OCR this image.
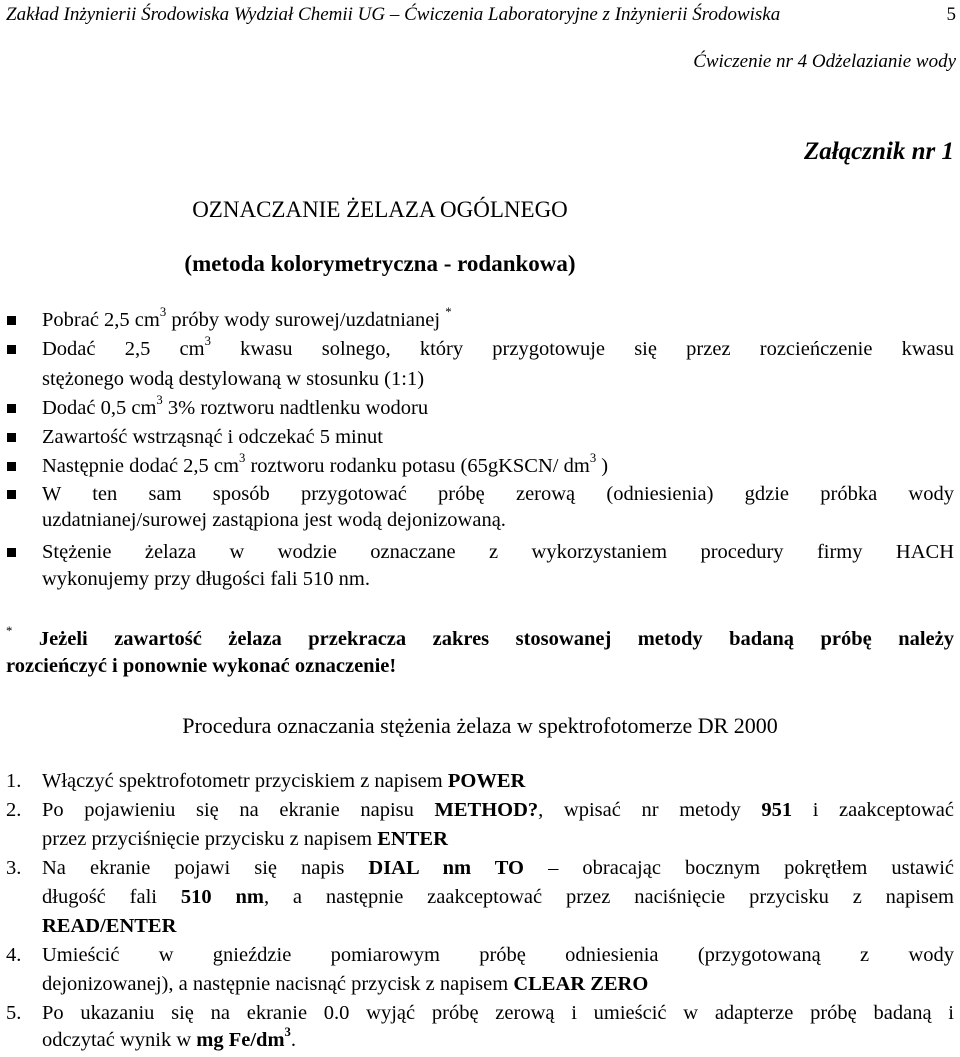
Zakład Inżynierii Środowiska Wydział Chemii UG – Ćwiczenia Laboratoryjne z Inżynierii Środowiska	5
Ćwiczenie nr 4 Odżelazianie wody
Załącznik nr 1
OZNACZANIE ŻELAZA OGÓLNEGO
(metoda kolorymetryczna - rodankowa)
Pobrać 2,5 $cm^3$ próby wody surowej/uzdatnianej *
Dodać 2,5 $cm^3$ kwasu solnego, który przygotowuje się przez rozcieńczenie kwasu
stężonego wodą destylowaną w stosunku (1:1)
Dodać 0,5 $cm^3$ 3% roztworu nadtlenku wodoru
Zawartość wstrząsnąć i odczekać 5 minut
Następnie dodać 2,5 $cm^3$ roztworu rodanku potasu (65gKSCN/ $dm^3$ )
W ten sam sposób przygotować próbę zerową (odniesienia) gdzie próbka wody
uzdatnianej/surowej zastąpiona jest wodą dejonizowaną.
Stężenie żelaza w wodzie oznaczane z wykorzystaniem procedury firmy HACH
wykonujemy przy długości fali 510 nm.
* Jeżeli zawartość żelaza przekracza zakres stosowanej metody badaną próbę należy
rozcieńczyć i ponownie wykonać oznaczenie!
Procedura oznaczania stężenia żelaza w spektrofotomerze DR 2000
1. Włączyć spektrofotometr przyciskiem z napisem POWER
2. Po pojawieniu się na ekranie napisu METHOD?, wpisać nr metody 951 i zaakceptować
przez przyciśnięcie przycisku z napisem ENTER
3. Na ekranie pojawi się napis DIAL nm TO – obracając bocznym pokrętłem ustawić
długość fali 510 nm, a następnie zaakceptować przez naciśnięcie przycisku z napisem
READ/ENTER
4. Umieścić w gnieździe pomiarowym próbę odniesienia (przygotowaną z wody
dejonizowanej), a następnie nacisnąć przycisk z napisem CLEAR ZERO
5. Po ukazaniu się na ekranie 0.0 wyjąć próbę zerową i umieścić w adapterze próbę badaną i
odczytać wynik w mg $Fe/dm^3$.
